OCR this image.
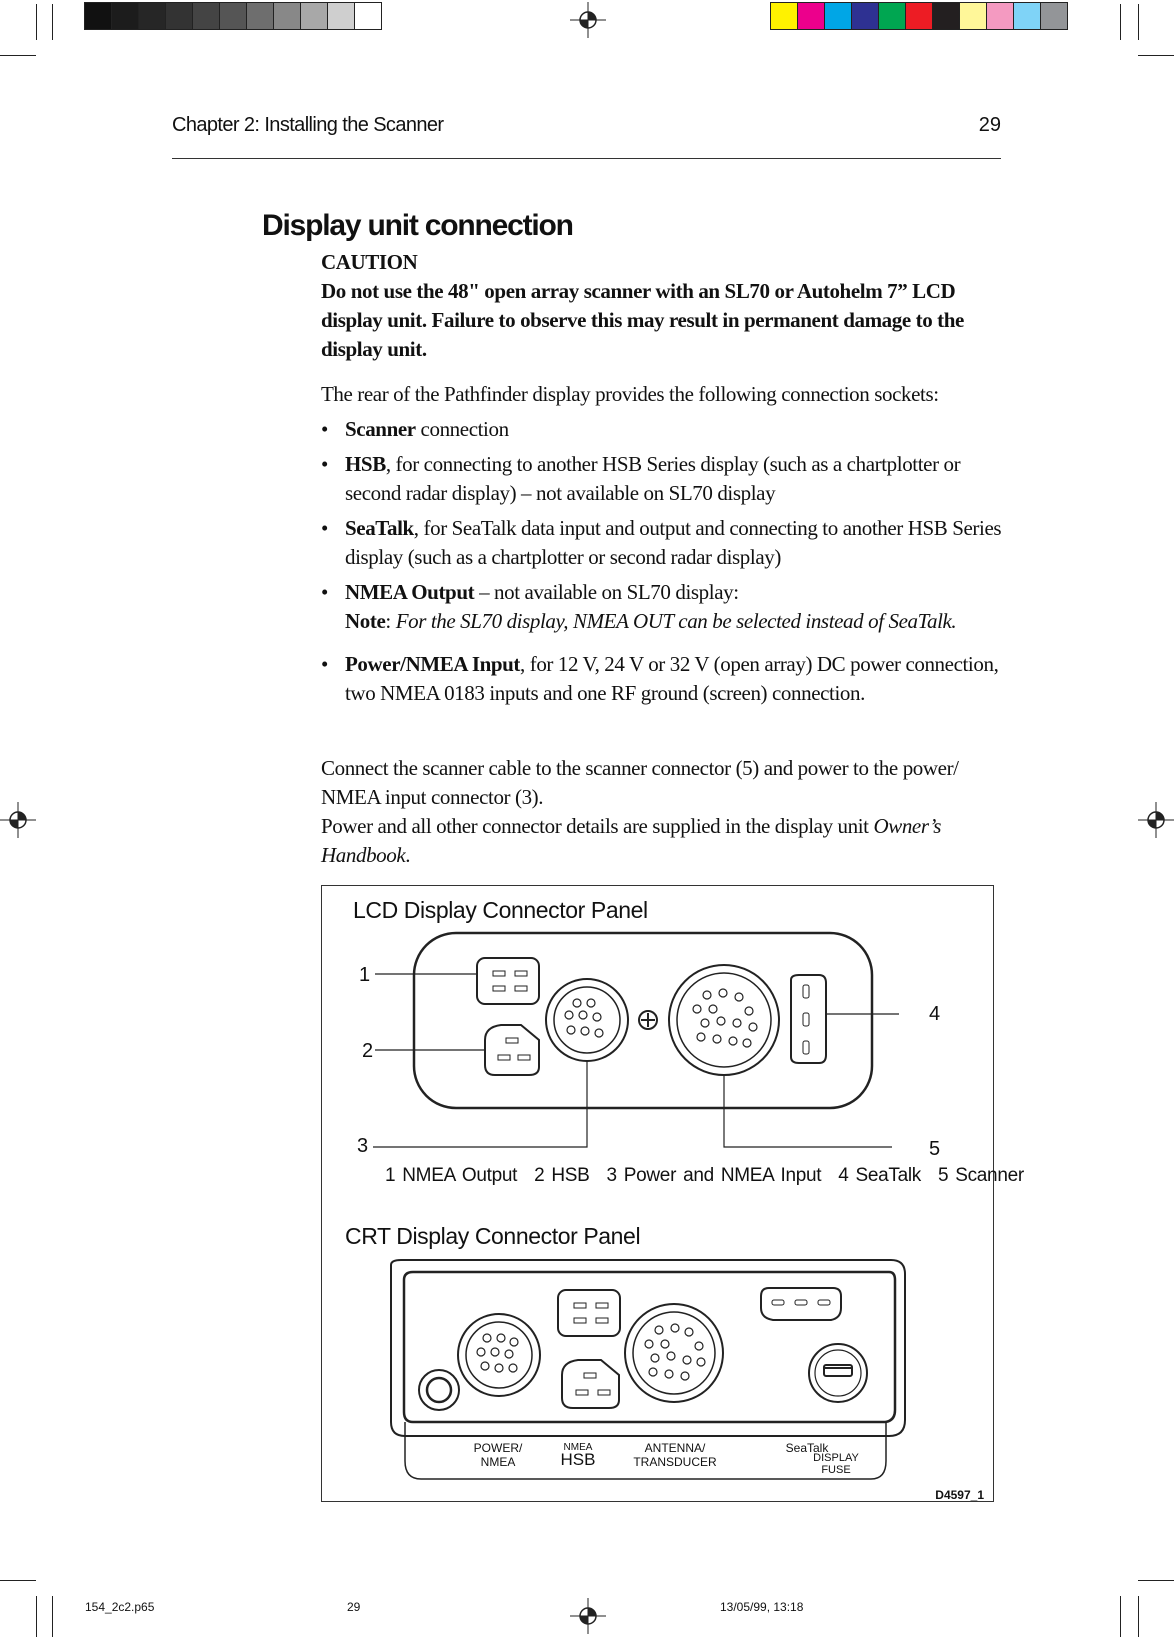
Chapter 2: Installing the Scanner	29
Display unit connection

CAUTION

Do not use the 48" open array scanner with an SL70 or Autohelm 7” LCD display unit. Failure to observe this may result in permanent damage to the display unit.

The rear of the Pathfinder display provides the following connection sockets:
• Scanner connection
• HSB, for connecting to another HSB Series display (such as a chartplotter or second radar display) – not available on SL70 display
• SeaTalk, for SeaTalk data input and output and connecting to another HSB Series display (such as a chartplotter or second radar display)
• NMEA Output – not available on SL70 display:
Note: For the SL70 display, NMEA OUT can be selected instead of SeaTalk.
• Power/NMEA Input, for 12 V, 24 V or 32 V (open array) DC power connection, two NMEA 0183 inputs and one RF ground (screen) connection.

Connect the scanner cable to the scanner connector (5) and power to the power/ NMEA input connector (3).

Power and all other connector details are supplied in the display unit Owner’s Handbook.

LCD Display Connector Panel
1
2
3
4
5
1 NMEA Output 2 HSB 3 Power and NMEA Input 4 SeaTalk 5 Scanner
CRT Display Connector Panel
POWER/
NMEA
NMEA
HSB
ANTENNA/
TRANSDUCER
SeaTalk
DISPLAY
FUSE
D4597_1
154_2c2.p65	29	13/05/99, 13:18
